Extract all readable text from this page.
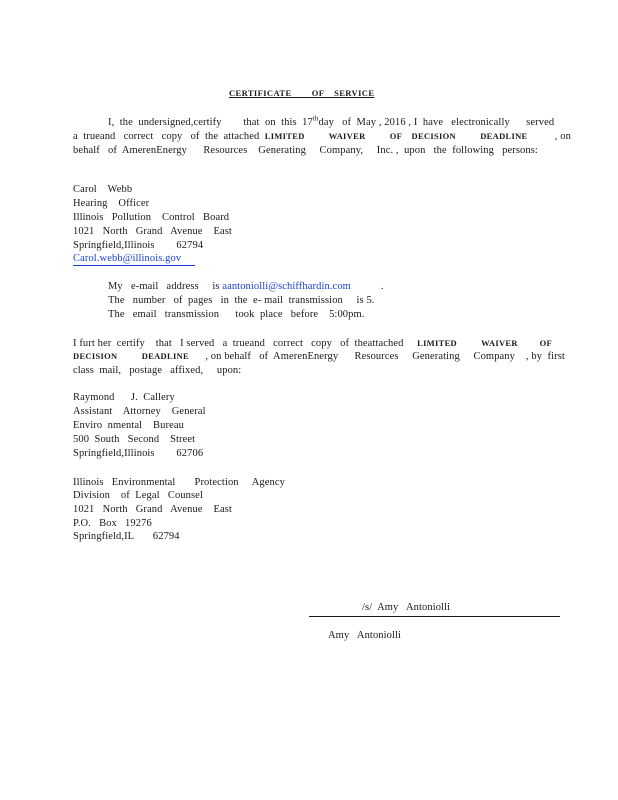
CERTIFICATE        OF    SERVICE
I,  the  undersigned,certify        that  on  this  17thday   of  May , 2016 , I  have   electronically      served
a  trueand   correct   copy   of  the  attached  LIMITED          WAIVER          OF    DECISION          DEADLINE          , on
behalf   of  AmerenEnergy      Resources    Generating     Company,     Inc. ,  upon   the  following   persons:
Carol    Webb
Hearing    Officer
Illinois   Pollution    Control   Board
1021   North   Grand   Avenue    East
Springfield,Illinois        62794
Carol.webb@illinois.gov
My   e-mail   address     is aantoniolli@schiffhardin.com           .
The   number   of  pages   in  the  e- mail  transmission     is 5.
The   email   transmission      took  place   before    5:00pm.
I furt her  certify    that   I served   a  trueand   correct   copy   of  theattached     LIMITED          WAIVER         OF
DECISION          DEADLINE      , on behalf   of  AmerenEnergy      Resources     Generating     Company    , by  first
class  mail,   postage   affixed,     upon:
Raymond      J.  Callery
Assistant    Attorney    General
Enviro  nmental    Bureau
500  South   Second    Street
Springfield,Illinois        62706
Illinois   Environmental       Protection     Agency
Division    of  Legal   Counsel
1021   North   Grand   Avenue    East
P.O.   Box   19276
Springfield,IL       62794
/s/  Amy   Antoniolli
Amy   Antoniolli
